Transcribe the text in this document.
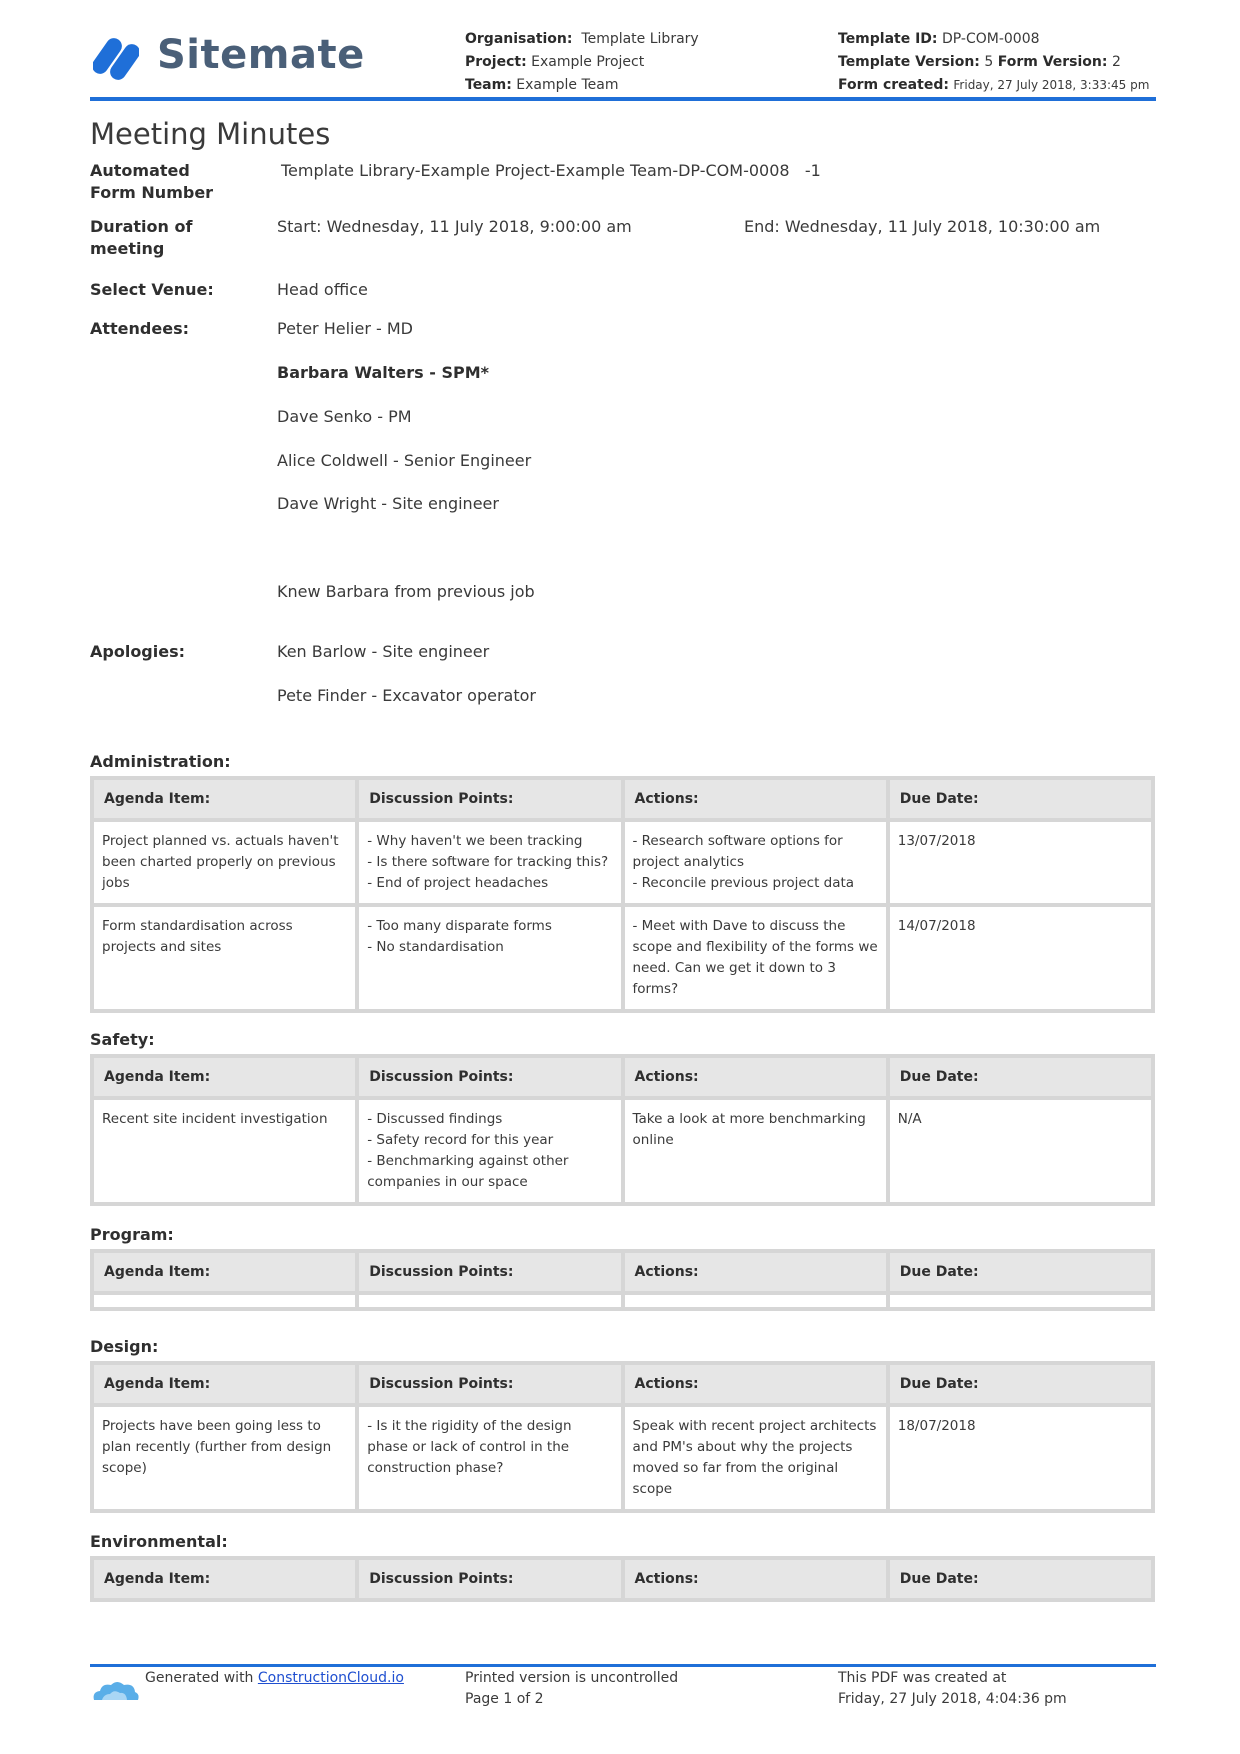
Sitemate	Organisation: Template Library
Project: Example Project
Team: Example Team
Template ID: DP-COM-0008
Template Version: 5 Form Version: 2
Form created: Friday, 27 July 2018, 3:33:45 pm
Meeting Minutes
Automated
Form Number
Template Library-Example Project-Example Team-DP-COM-0008   -1
Duration of
meeting
Start: Wednesday, 11 July 2018, 9:00:00 am	End: Wednesday, 11 July 2018, 10:30:00 am
Select Venue:	Head office
Attendees:	Peter Helier - MD
Barbara Walters - SPM*
Dave Senko - PM
Alice Coldwell - Senior Engineer
Dave Wright - Site engineer
Knew Barbara from previous job
Apologies:	Ken Barlow - Site engineer
Pete Finder - Excavator operator
Administration:
Agenda Item:	Discussion Points:	Actions:	Due Date:
Project planned vs. actuals haven't been charted properly on previous jobs	- Why haven't we been tracking
- Is there software for tracking this?
- End of project headaches	- Research software options for project analytics
- Reconcile previous project data	13/07/2018
Form standardisation across projects and sites	- Too many disparate forms
- No standardisation	- Meet with Dave to discuss the scope and flexibility of the forms we need. Can we get it down to 3 forms?	14/07/2018
Safety:
Agenda Item:	Discussion Points:	Actions:	Due Date:
Recent site incident investigation	- Discussed findings
- Safety record for this year
- Benchmarking against other companies in our space	Take a look at more benchmarking online	N/A
Program:
Agenda Item:	Discussion Points:	Actions:	Due Date:

Design:
Agenda Item:	Discussion Points:	Actions:	Due Date:
Projects have been going less to plan recently (further from design scope)	- Is it the rigidity of the design phase or lack of control in the construction phase?	Speak with recent project architects and PM's about why the projects moved so far from the original scope	18/07/2018
Environmental:
Agenda Item:	Discussion Points:	Actions:	Due Date:
Generated with ConstructionCloud.io	Printed version is uncontrolled
Page 1 of 2
This PDF was created at
Friday, 27 July 2018, 4:04:36 pm
